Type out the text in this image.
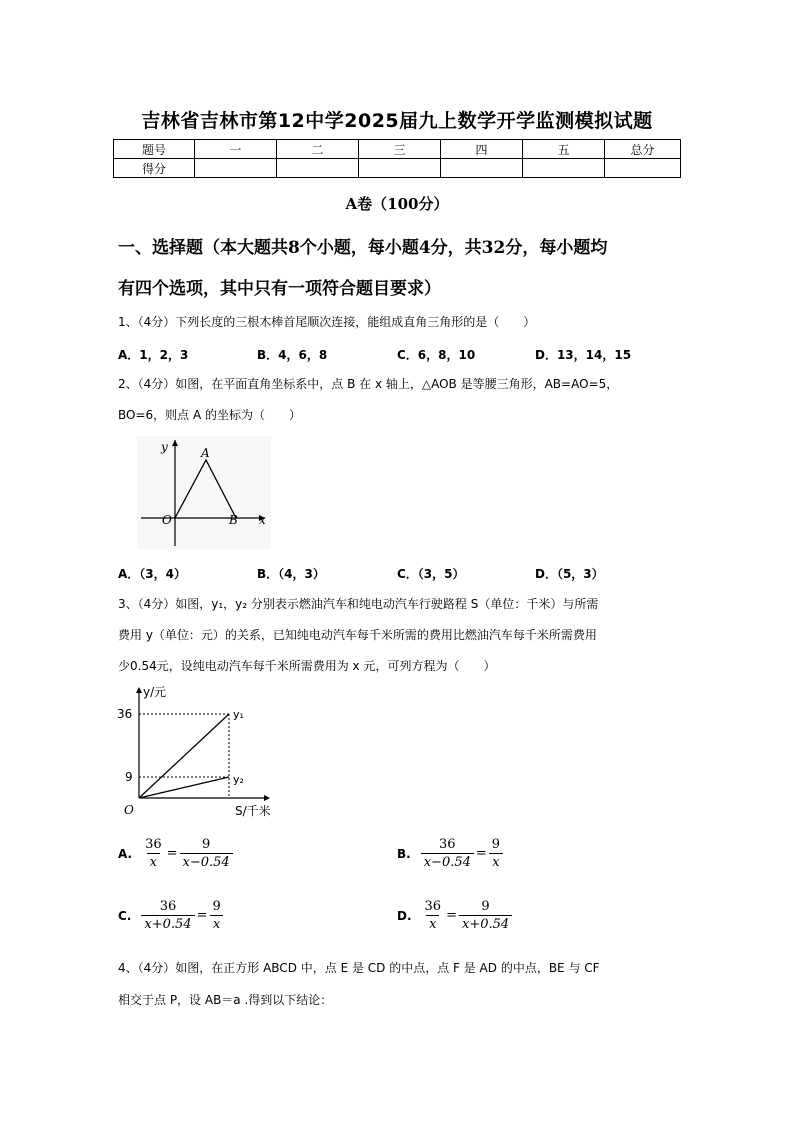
吉林省吉林市第12中学2025届九上数学开学监测模拟试题
题号	一	二	三	四	五	总分
得分						
A卷（100分）
一、选择题（本大题共8个小题，每小题4分，共32分，每小题均
有四个选项，其中只有一项符合题目要求）
1、（4分）下列长度的三根木棒首尾顺次连接，能组成直角三角形的是（　　）
A．1，2，3	B．4，6，8	C．6，8，10	D．13，14，15
2、（4分）如图，在平面直角坐标系中，点 B 在 x 轴上，△AOB 是等腰三角形，AB=AO=5，
BO=6，则点 A 的坐标为（　　）
y	A
O	B x
A．（3，4）	B．（4，3）	C．（3，5）	D．（5，3）
3、（4分）如图，y₁，y₂ 分别表示燃油汽车和纯电动汽车行驶路程 S（单位：千米）与所需
费用 y（单位：元）的关系，已知纯电动汽车每千米所需的费用比燃油汽车每千米所需费用
少0.54元，设纯电动汽车每千米所需费用为 x 元，可列方程为（　　）
y/元
36
9
O
y₁
y₂
S/千米
A. $\frac{36}{x} = \frac{9}{x-0.54}$	B. $\frac{36}{x-0.54} = \frac{9}{x}$
C. $\frac{36}{x+0.54} = \frac{9}{x}$	D. $\frac{36}{x} = \frac{9}{x+0.54}$
4、（4分）如图，在正方形 ABCD 中，点 E 是 CD 的中点，点 F 是 AD 的中点，BE 与 CF
相交于点 P，设 AB＝a .得到以下结论：
